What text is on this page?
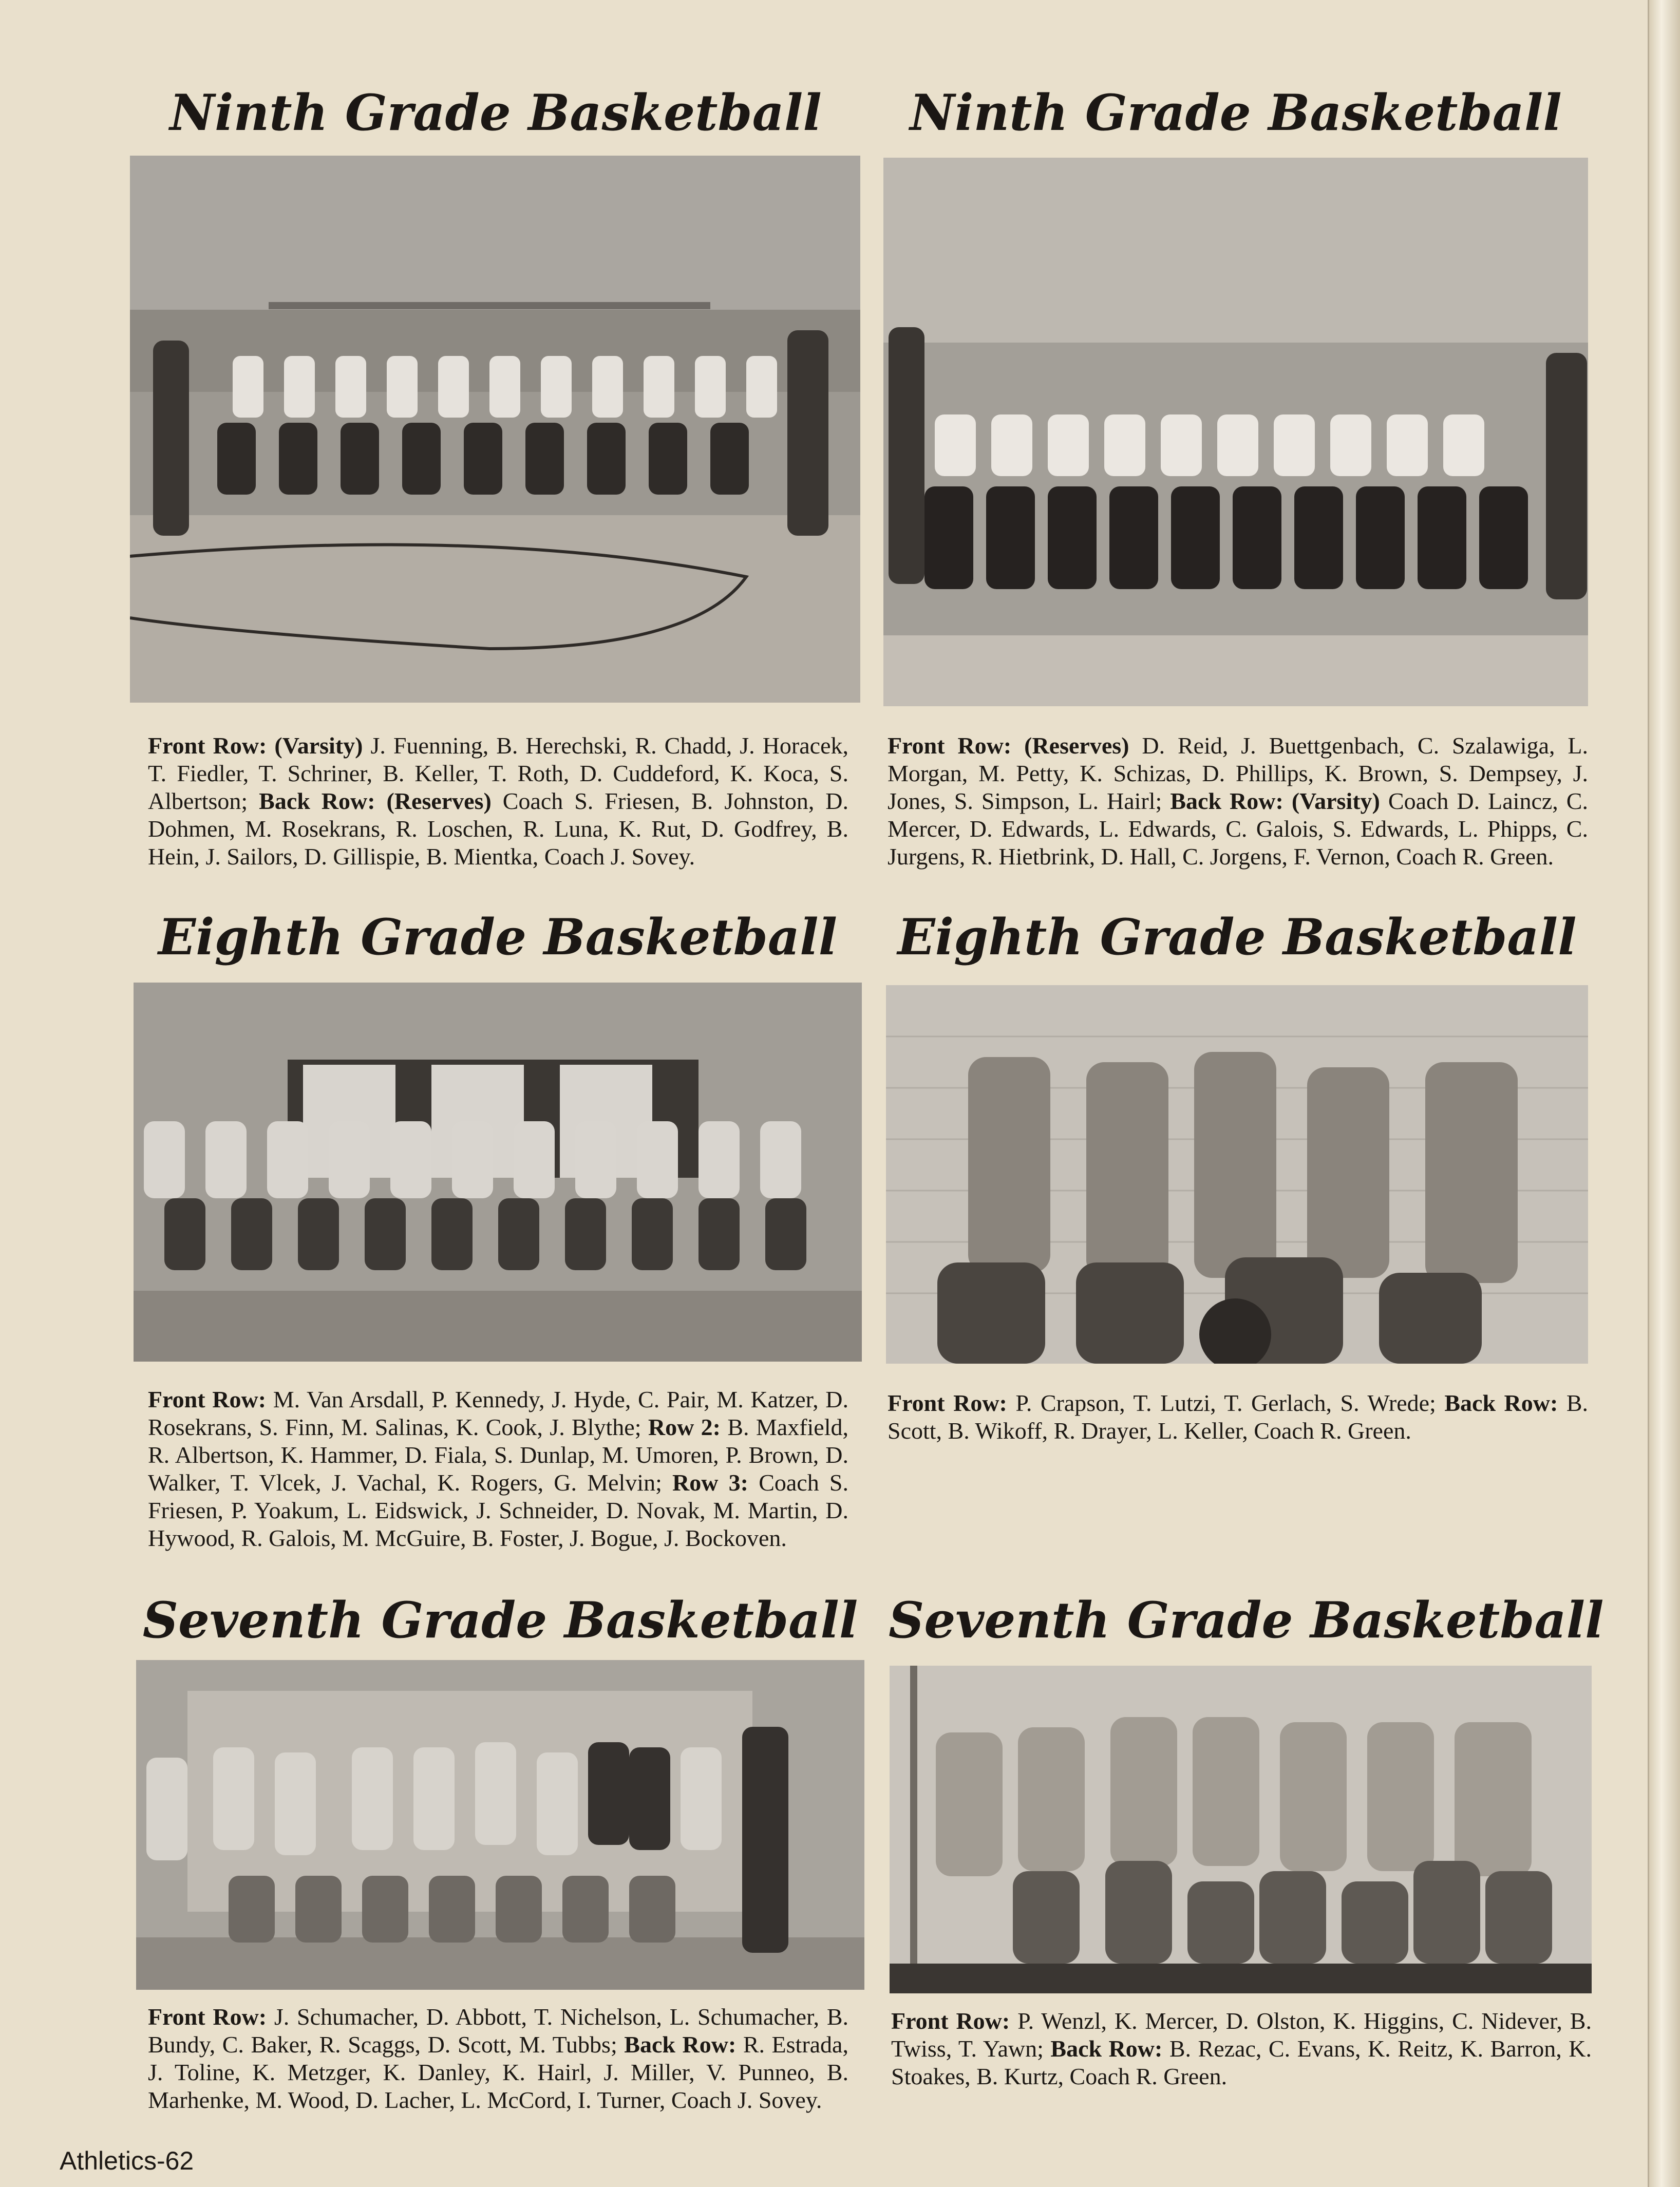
Ninth Grade Basketball
Front Row: (Varsity) J. Fuenning, B. Herechski, R. Chadd, J. Horacek, T. Fiedler, T. Schriner, B. Keller, T. Roth, D. Cuddeford, K. Koca, S. Albertson; Back Row: (Reserves) Coach S. Friesen, B. Johnston, D. Dohmen, M. Rosekrans, R. Loschen, R. Luna, K. Rut, D. Godfrey, B. Hein, J. Sailors, D. Gillispie, B. Mientka, Coach J. Sovey.
Ninth Grade Basketball
Front Row: (Reserves) D. Reid, J. Buettgenbach, C. Szalawiga, L. Morgan, M. Petty, K. Schizas, D. Phillips, K. Brown, S. Dempsey, J. Jones, S. Simpson, L. Hairl; Back Row: (Varsity) Coach D. Laincz, C. Mercer, D. Edwards, L. Edwards, C. Galois, S. Edwards, L. Phipps, C. Jurgens, R. Hietbrink, D. Hall, C. Jorgens, F. Vernon, Coach R. Green.
Eighth Grade Basketball
Front Row: M. Van Arsdall, P. Kennedy, J. Hyde, C. Pair, M. Katzer, D. Rosekrans, S. Finn, M. Salinas, K. Cook, J. Blythe; Row 2: B. Maxfield, R. Albertson, K. Hammer, D. Fiala, S. Dunlap, M. Umoren, P. Brown, D. Walker, T. Vlcek, J. Vachal, K. Rogers, G. Melvin; Row 3: Coach S. Friesen, P. Yoakum, L. Eidswick, J. Schneider, D. Novak, M. Martin, D. Hywood, R. Galois, M. McGuire, B. Foster, J. Bogue, J. Bockoven.
Eighth Grade Basketball
Front Row: P. Crapson, T. Lutzi, T. Gerlach, S. Wrede; Back Row: B. Scott, B. Wikoff, R. Drayer, L. Keller, Coach R. Green.
Seventh Grade Basketball
Front Row: J. Schumacher, D. Abbott, T. Nichelson, L. Schumacher, B. Bundy, C. Baker, R. Scaggs, D. Scott, M. Tubbs; Back Row: R. Estrada, J. Toline, K. Metzger, K. Danley, K. Hairl, J. Miller, V. Punneo, B. Marhenke, M. Wood, D. Lacher, L. McCord, I. Turner, Coach J. Sovey.
Seventh Grade Basketball
Front Row: P. Wenzl, K. Mercer, D. Olston, K. Higgins, C. Nidever, B. Twiss, T. Yawn; Back Row: B. Rezac, C. Evans, K. Reitz, K. Barron, K. Stoakes, B. Kurtz, Coach R. Green.
Athletics-62
